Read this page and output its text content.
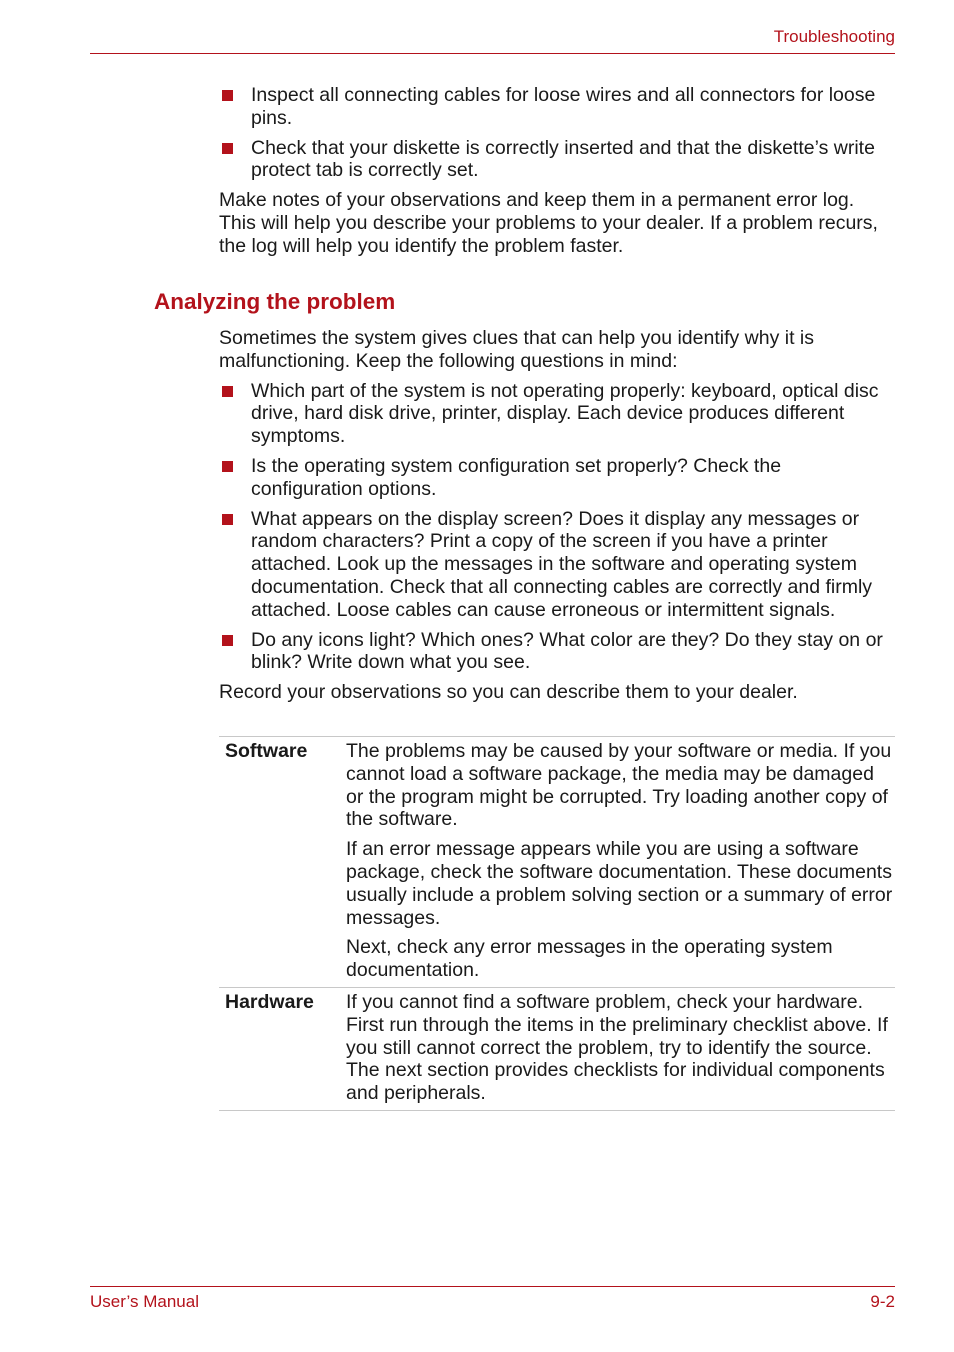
Troubleshooting
Inspect all connecting cables for loose wires and all connectors for loose pins.
Check that your diskette is correctly inserted and that the diskette’s write protect tab is correctly set.
Make notes of your observations and keep them in a permanent error log. This will help you describe your problems to your dealer. If a problem recurs, the log will help you identify the problem faster.
Analyzing the problem
Sometimes the system gives clues that can help you identify why it is malfunctioning. Keep the following questions in mind:
Which part of the system is not operating properly: keyboard, optical disc drive, hard disk drive, printer, display. Each device produces different symptoms.
Is the operating system configuration set properly? Check the configuration options.
What appears on the display screen? Does it display any messages or random characters? Print a copy of the screen if you have a printer attached. Look up the messages in the software and operating system documentation. Check that all connecting cables are correctly and firmly attached. Loose cables can cause erroneous or intermittent signals.
Do any icons light? Which ones? What color are they? Do they stay on or blink? Write down what you see.
Record your observations so you can describe them to your dealer.
Software	The problems may be caused by your software or media. If you cannot load a software package, the media may be damaged or the program might be corrupted. Try loading another copy of the software.

If an error message appears while you are using a software package, check the software documentation. These documents usually include a problem solving section or a summary of error messages.

Next, check any error messages in the operating system documentation.

Hardware	If you cannot find a software problem, check your hardware. First run through the items in the preliminary checklist above. If you still cannot correct the problem, try to identify the source. The next section provides checklists for individual components and peripherals.

User’s Manual	9-2
